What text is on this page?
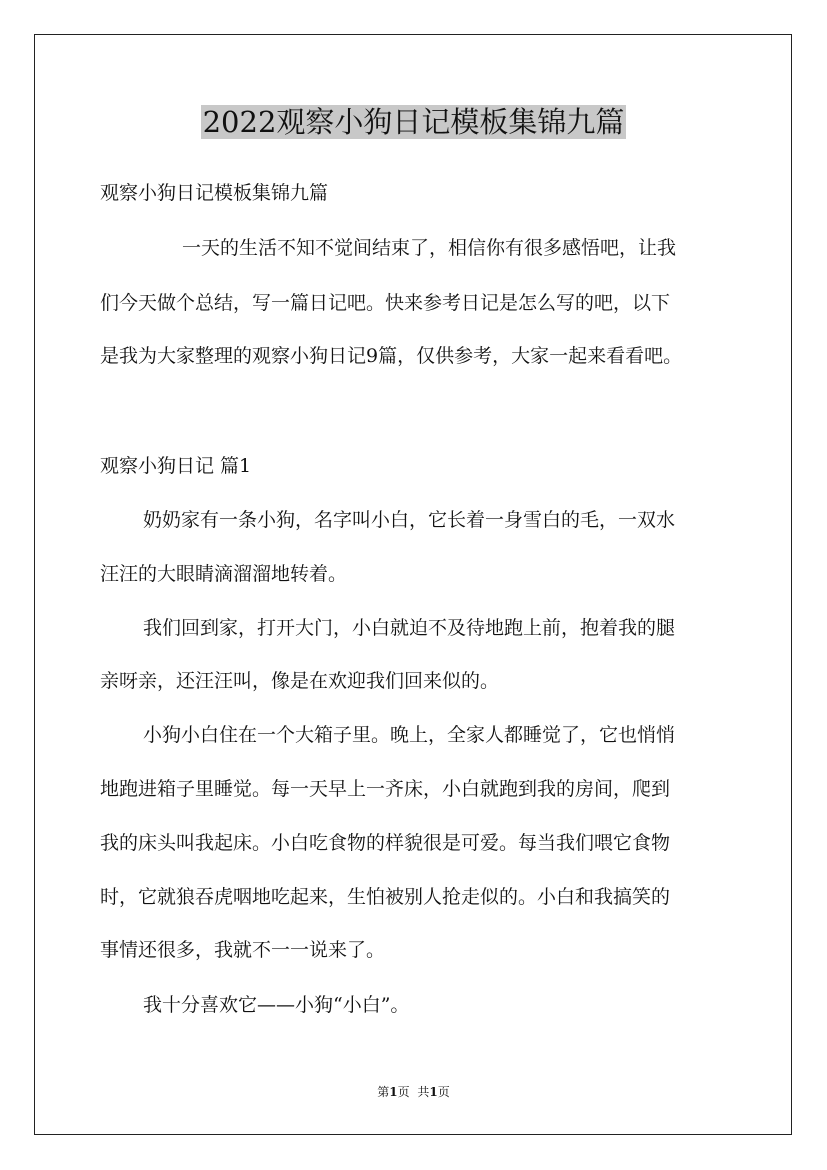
2022观察小狗日记模板集锦九篇

观察小狗日记模板集锦九篇

一天的生活不知不觉间结束了，相信你有很多感悟吧，让我

们今天做个总结，写一篇日记吧。快来参考日记是怎么写的吧，以下

是我为大家整理的观察小狗日记9篇，仅供参考，大家一起来看看吧。

观察小狗日记 篇1

奶奶家有一条小狗，名字叫小白，它长着一身雪白的毛，一双水

汪汪的大眼睛滴溜溜地转着。

我们回到家，打开大门，小白就迫不及待地跑上前，抱着我的腿

亲呀亲，还汪汪叫，像是在欢迎我们回来似的。

小狗小白住在一个大箱子里。晚上，全家人都睡觉了，它也悄悄

地跑进箱子里睡觉。每一天早上一齐床，小白就跑到我的房间，爬到

我的床头叫我起床。小白吃食物的样貌很是可爱。每当我们喂它食物

时，它就狼吞虎咽地吃起来，生怕被别人抢走似的。小白和我搞笑的

事情还很多，我就不一一说来了。

我十分喜欢它——小狗“小白”。

第1页 共1页
